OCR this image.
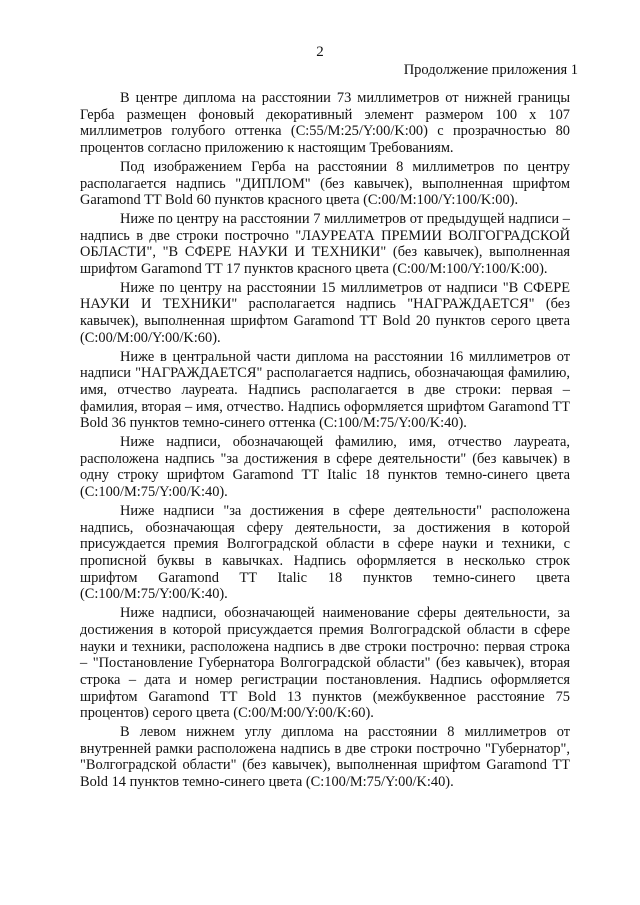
2
Продолжение приложения 1

В центре диплома на расстоянии 73 миллиметров от нижней границы Герба размещен фоновый декоративный элемент размером 100 x 107 миллиметров голубого оттенка (C:55/M:25/Y:00/K:00) с прозрачностью 80 процентов согласно приложению к настоящим Требованиям.

Под изображением Герба на расстоянии 8 миллиметров по центру располагается надпись "ДИПЛОМ" (без кавычек), выполненная шрифтом Garamond TT Bold 60 пунктов красного цвета (C:00/M:100/Y:100/K:00).

Ниже по центру на расстоянии 7 миллиметров от предыдущей надписи – надпись в две строки построчно "ЛАУРЕАТА ПРЕМИИ ВОЛГОГРАДСКОЙ ОБЛАСТИ", "В СФЕРЕ НАУКИ И ТЕХНИКИ" (без кавычек), выполненная шрифтом Garamond TT 17 пунктов красного цвета (C:00/M:100/Y:100/K:00).

Ниже по центру на расстоянии 15 миллиметров от надписи "В СФЕРЕ НАУКИ И ТЕХНИКИ" располагается надпись "НАГРАЖДАЕТСЯ" (без кавычек), выполненная шрифтом Garamond TT Bold 20 пунктов серого цвета (C:00/M:00/Y:00/K:60).

Ниже в центральной части диплома на расстоянии 16 миллиметров от надписи "НАГРАЖДАЕТСЯ" располагается надпись, обозначающая фамилию, имя, отчество лауреата. Надпись располагается в две строки: первая – фамилия, вторая – имя, отчество. Надпись оформляется шрифтом Garamond TT Bold 36 пунктов темно-синего оттенка (C:100/M:75/Y:00/K:40).

Ниже надписи, обозначающей фамилию, имя, отчество лауреата, расположена надпись "за достижения в сфере деятельности" (без кавычек) в одну строку шрифтом Garamond TT Italic 18 пунктов темно-синего цвета (C:100/M:75/Y:00/K:40).

Ниже надписи "за достижения в сфере деятельности" расположена надпись, обозначающая сферу деятельности, за достижения в которой присуждается премия Волгоградской области в сфере науки и техники, с прописной буквы в кавычках. Надпись оформляется в несколько строк шрифтом Garamond TT Italic 18 пунктов темно-синего цвета (C:100/M:75/Y:00/K:40).

Ниже надписи, обозначающей наименование сферы деятельности, за достижения в которой присуждается премия Волгоградской области в сфере науки и техники, расположена надпись в две строки построчно: первая строка – "Постановление Губернатора Волгоградской области" (без кавычек), вторая строка – дата и номер регистрации постановления. Надпись оформляется шрифтом Garamond TT Bold 13 пунктов (межбуквенное расстояние 75 процентов) серого цвета (C:00/M:00/Y:00/K:60).

В левом нижнем углу диплома на расстоянии 8 миллиметров от внутренней рамки расположена надпись в две строки построчно "Губернатор", "Волгоградской области" (без кавычек), выполненная шрифтом Garamond TT Bold 14 пунктов темно-синего цвета (C:100/M:75/Y:00/K:40).
